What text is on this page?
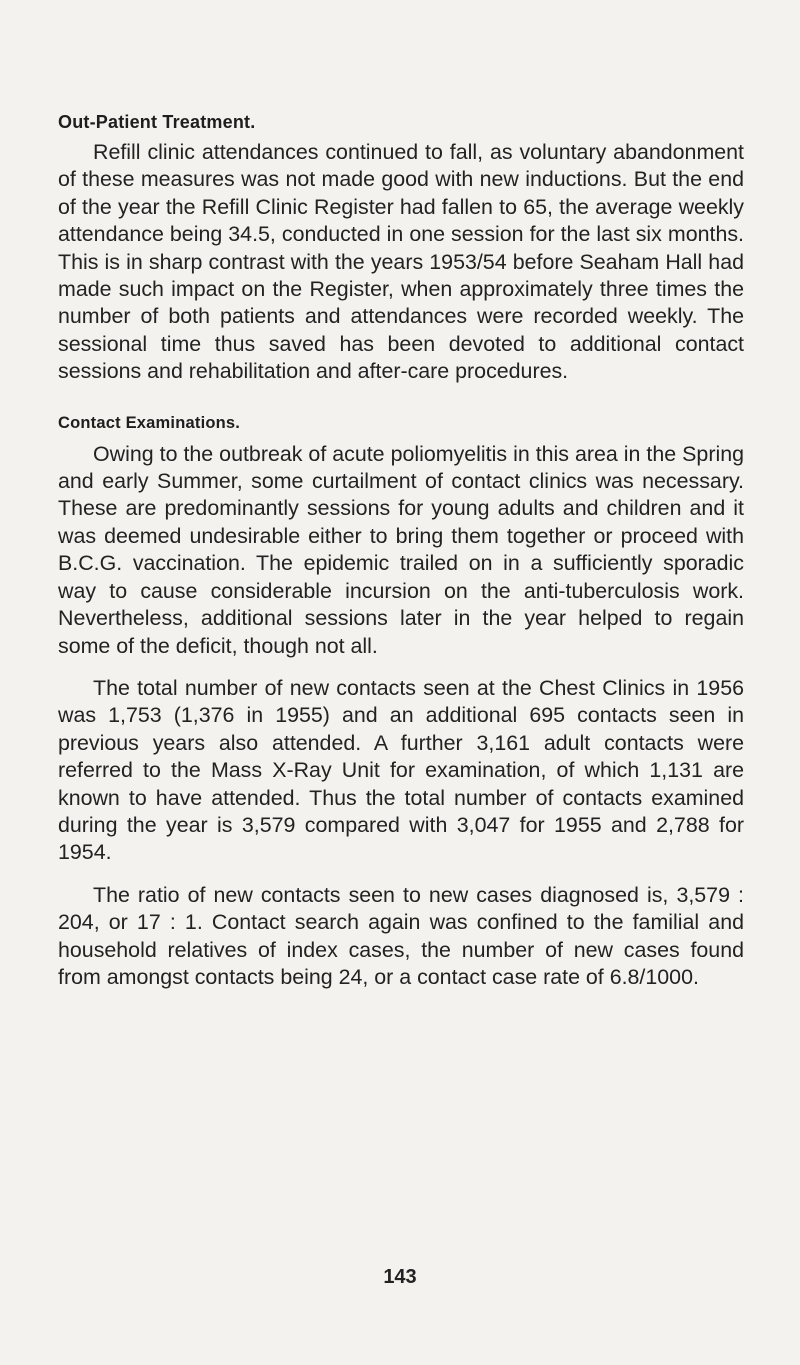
Out-Patient Treatment.

Refill clinic attendances continued to fall, as voluntary abandonment of these measures was not made good with new inductions. But the end of the year the Refill Clinic Register had fallen to 65, the average weekly attendance being 34.5, conducted in one session for the last six months. This is in sharp contrast with the years 1953/54 before Seaham Hall had made such impact on the Register, when approximately three times the number of both patients and attendances were recorded weekly. The sessional time thus saved has been devoted to additional contact sessions and rehabilitation and after-care procedures.

Contact Examinations.

Owing to the outbreak of acute poliomyelitis in this area in the Spring and early Summer, some curtailment of contact clinics was necessary. These are predominantly sessions for young adults and children and it was deemed undesirable either to bring them together or proceed with B.C.G. vaccination. The epidemic trailed on in a sufficiently sporadic way to cause considerable incursion on the anti-tuberculosis work. Nevertheless, additional sessions later in the year helped to regain some of the deficit, though not all.

The total number of new contacts seen at the Chest Clinics in 1956 was 1,753 (1,376 in 1955) and an additional 695 contacts seen in previous years also attended. A further 3,161 adult contacts were referred to the Mass X-Ray Unit for examination, of which 1,131 are known to have attended. Thus the total number of contacts examined during the year is 3,579 compared with 3,047 for 1955 and 2,788 for 1954.

The ratio of new contacts seen to new cases diagnosed is, 3,579 : 204, or 17 : 1. Contact search again was confined to the familial and household relatives of index cases, the number of new cases found from amongst contacts being 24, or a contact case rate of 6.8/1000.

143
